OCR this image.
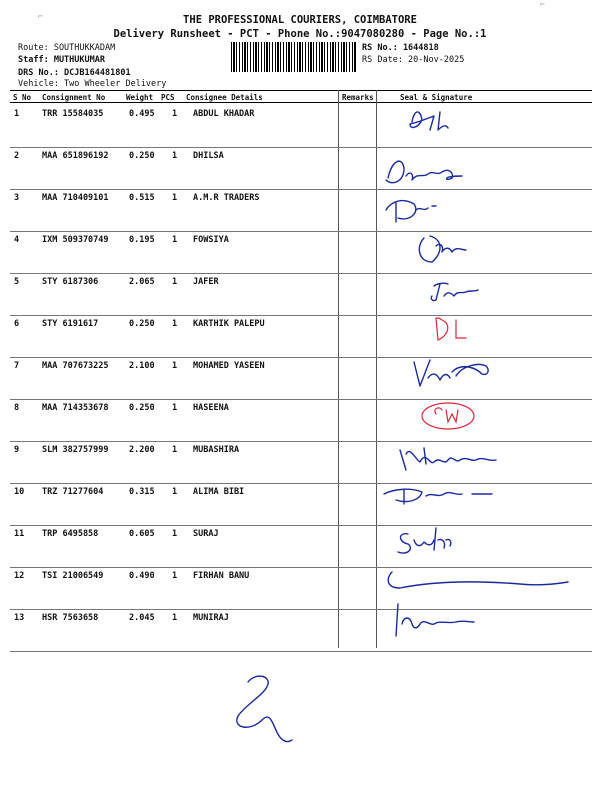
⌐
⌐
THE PROFESSIONAL COURIERS, COIMBATORE
Delivery Runsheet - PCT - Phone No.:9047080280 - Page No.:1
Route: SOUTHUKKADAM
Staff: MUTHUKUMAR
DRS No.: DCJB164481801
Vehicle: Two Wheeler Delivery
RS No.: 1644818
RS Date: 20-Nov-2025
S No Consignment No	Weight PCS Consignee Details	Remarks	Seal & Signature
1	TRR 15584035	0.495 1 ABDUL KHADAR
2	MAA 651896192 0.250 1 DHILSA
3	MAA 710409101 0.515 1 A.M.R TRADERS
4	IXM 509370749 0.195 1 FOWSIYA
5	STY 6187306	2.065 1 JAFER
6	STY 6191617	0.250 1 KARTHIK PALEPU
7	MAA 707673225 2.100 1 MOHAMED YASEEN
8	MAA 714353678 0.250 1 HASEENA
9	SLM 382757999 2.200 1 MUBASHIRA
10 TRZ 71277604	0.315 1 ALIMA BIBI
11 TRP 6495858	0.605 1 SURAJ
12 TSI 21006549	0.490 1 FIRHAN BANU
13 HSR 7563658	2.045 1 MUNIRAJ
